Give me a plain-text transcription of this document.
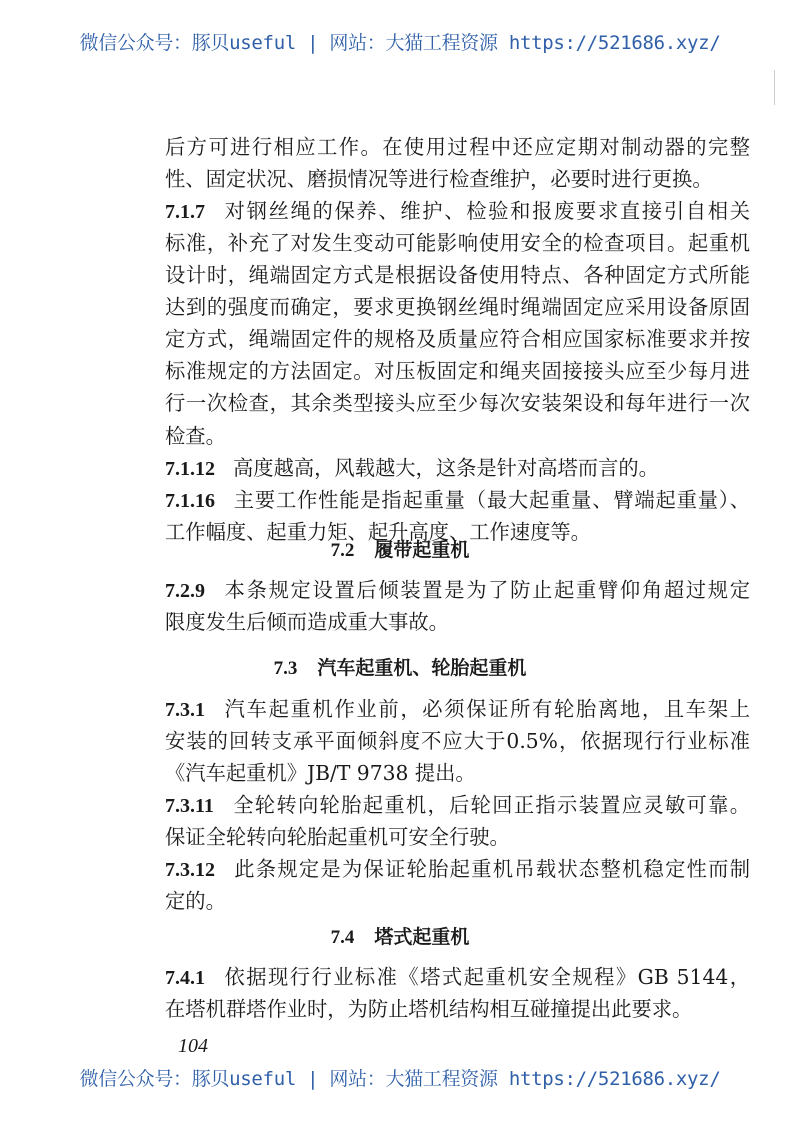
微信公众号：豚贝useful | 网站：大猫工程资源 https://521686.xyz/
后方可进行相应工作。在使用过程中还应定期对制动器的完整
性、固定状况、磨损情况等进行检查维护，必要时进行更换。
7.1.7 对钢丝绳的保养、维护、检验和报废要求直接引自相关
标准，补充了对发生变动可能影响使用安全的检查项目。起重机
设计时，绳端固定方式是根据设备使用特点、各种固定方式所能
达到的强度而确定，要求更换钢丝绳时绳端固定应采用设备原固
定方式，绳端固定件的规格及质量应符合相应国家标准要求并按
标准规定的方法固定。对压板固定和绳夹固接接头应至少每月进
行一次检查，其余类型接头应至少每次安装架设和每年进行一次
检查。
7.1.12 高度越高，风载越大，这条是针对高塔而言的。
7.1.16 主要工作性能是指起重量（最大起重量、臂端起重量）、
工作幅度、起重力矩、起升高度、工作速度等。
7.2.9 本条规定设置后倾装置是为了防止起重臂仰角超过规定
限度发生后倾而造成重大事故。
7.3.1 汽车起重机作业前，必须保证所有轮胎离地，且车架上
安装的回转支承平面倾斜度不应大于0.5%，依据现行行业标准
《汽车起重机》JB/T 9738 提出。
7.3.11 全轮转向轮胎起重机，后轮回正指示装置应灵敏可靠。
保证全轮转向轮胎起重机可安全行驶。
7.3.12 此条规定是为保证轮胎起重机吊载状态整机稳定性而制
定的。
7.4.1 依据现行行业标准《塔式起重机安全规程》GB 5144，
在塔机群塔作业时，为防止塔机结构相互碰撞提出此要求。
7.2 履带起重机
7.3 汽车起重机、轮胎起重机
7.4 塔式起重机
104
微信公众号：豚贝useful | 网站：大猫工程资源 https://521686.xyz/
